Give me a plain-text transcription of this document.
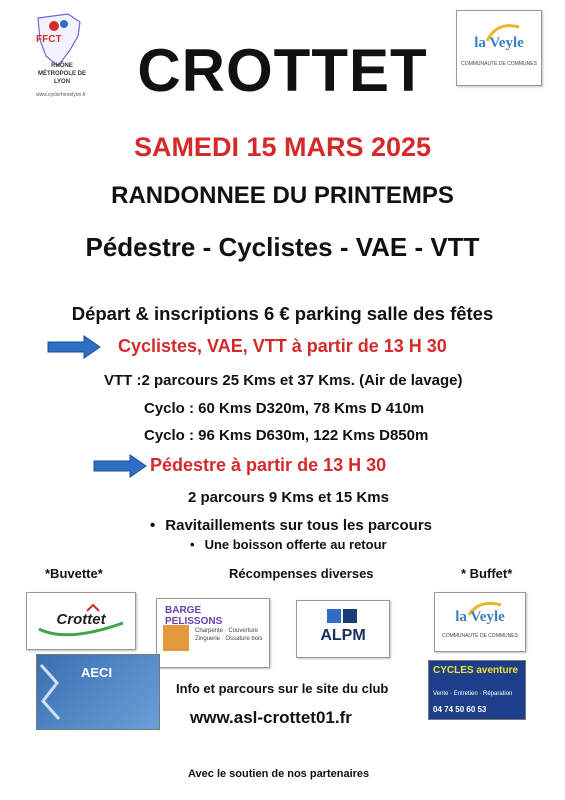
FFCT
RHÔNE MÉTROPOLE DE LYON
www.cyclorhonelyon.fr
la Veyle
COMMUNAUTÉ DE COMMUNES
CROTTET
SAMEDI 15 MARS 2025
RANDONNEE DU PRINTEMPS
Pédestre - Cyclistes - VAE - VTT
Départ & inscriptions 6 € parking salle des fêtes
Cyclistes, VAE, VTT à partir de 13 H 30
VTT :2 parcours 25 Kms et 37 Kms. (Air de lavage)
Cyclo : 60 Kms D320m, 78 Kms D 410m
Cyclo : 96 Kms D630m, 122 Kms D850m
Pédestre à partir de 13 H 30
2 parcours 9 Kms et 15 Kms
• Ravitaillements sur tous les parcours
• Une boisson offerte au retour
*Buvette*	Récompenses diverses	* Buffet*
Crottet
BARGE PELISSONS
Charpente · Couverture Zinguerie · Ossature bois	ALPM
la Veyle
COMMUNAUTÉ DE COMMUNES
AECI	CYCLES aventure
Vente · Entretien · Réparation
04 74 50 60 53
Info et parcours sur le site du club
www.asl-crottet01.fr
Avec le soutien de nos partenaires
